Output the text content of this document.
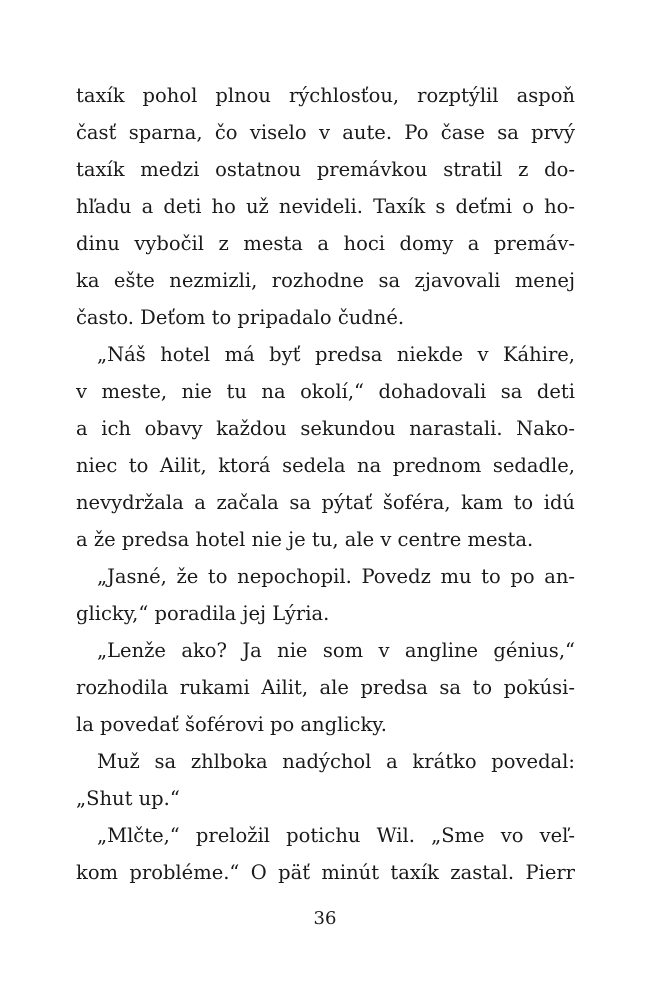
taxík pohol plnou rýchlosťou, rozptýlil aspoň
časť sparna, čo viselo v aute. Po čase sa prvý
taxík medzi ostatnou premávkou stratil z do-
hľadu a deti ho už nevideli. Taxík s deťmi o ho-
dinu vybočil z mesta a hoci domy a premáv-
ka ešte nezmizli, rozhodne sa zjavovali menej
často. Deťom to pripadalo čudné.
„Náš hotel má byť predsa niekde v Káhire,
v meste, nie tu na okolí,“ dohadovali sa deti
a ich obavy každou sekundou narastali. Nako-
niec to Ailit, ktorá sedela na prednom sedadle,
nevydržala a začala sa pýtať šoféra, kam to idú
a že predsa hotel nie je tu, ale v centre mesta.
„Jasné, že to nepochopil. Povedz mu to po an-
glicky,“ poradila jej Lýria.
„Lenže ako? Ja nie som v angline génius,“
rozhodila rukami Ailit, ale predsa sa to pokúsi-
la povedať šoférovi po anglicky.
Muž sa zhlboka nadýchol a krátko povedal:
„Shut up.“
„Mlčte,“ preložil potichu Wil. „Sme vo veľ-
kom probléme.“ O päť minút taxík zastal. Pierr
36
